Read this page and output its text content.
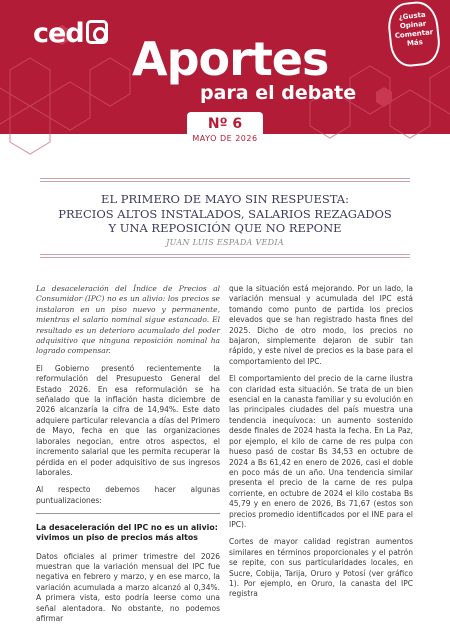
ced Aportes
para el debate
¿Gusta
Opinar
Comentar
Más
Nº 6
MAYO DE 2026
EL PRIMERO DE MAYO SIN RESPUESTA:
PRECIOS ALTOS INSTALADOS, SALARIOS REZAGADOS
Y UNA REPOSICIÓN QUE NO REPONE
JUAN LUIS ESPADA VEDIA

La desaceleración del Índice de Precios al Consumidor (IPC) no es un alivio: los precios se instalaron en un piso nuevo y permanente, mientras el salario nominal sigue estancado. El resultado es un deterioro acumulado del poder adquisitivo que ninguna reposición nominal ha logrado compensar.

El Gobierno presentó recientemente la reformulación del Presupuesto General del Estado 2026. En esa reformulación se ha señalado que la inflación hasta diciembre de 2026 alcanzaría la cifra de 14,94%. Este dato adquiere particular relevancia a días del Primero de Mayo, fecha en que las organizaciones laborales negocian, entre otros aspectos, el incremento salarial que les permita recuperar la pérdida en el poder adquisitivo de sus ingresos laborales.

Al respecto debemos hacer algunas puntualizaciones:

La desaceleración del IPC no es un alivio: vivimos un piso de precios más altos

Datos oficiales al primer trimestre del 2026 muestran que la variación mensual del IPC fue negativa en febrero y marzo, y en ese marco, la variación acumulada a marzo alcanzó al 0,34%. A primera vista, esto podría leerse como una señal alentadora. No obstante, no podemos afirmar

que la situación está mejorando. Por un lado, la variación mensual y acumulada del IPC está tomando como punto de partida los precios elevados que se han registrado hasta fines del 2025. Dicho de otro modo, los precios no bajaron, simplemente dejaron de subir tan rápido, y este nivel de precios es la base para el comportamiento del IPC.

El comportamiento del precio de la carne ilustra con claridad esta situación. Se trata de un bien esencial en la canasta familiar y su evolución en las principales ciudades del país muestra una tendencia inequívoca: un aumento sostenido desde finales de 2024 hasta la fecha. En La Paz, por ejemplo, el kilo de carne de res pulpa con hueso pasó de costar Bs 34,53 en octubre de 2024 a Bs 61,42 en enero de 2026, casi el doble en poco más de un año. Una tendencia similar presenta el precio de la carne de res pulpa corriente, en octubre de 2024 el kilo costaba Bs 45,79 y en enero de 2026, Bs 71,67 (estos son precios promedio identificados por el INE para el IPC).

Cortes de mayor calidad registran aumentos similares en términos proporcionales y el patrón se repite, con sus particularidades locales, en Sucre, Cobija, Tarija, Oruro y Potosí (ver gráfico 1). Por ejemplo, en Oruro, la canasta del IPC registra
